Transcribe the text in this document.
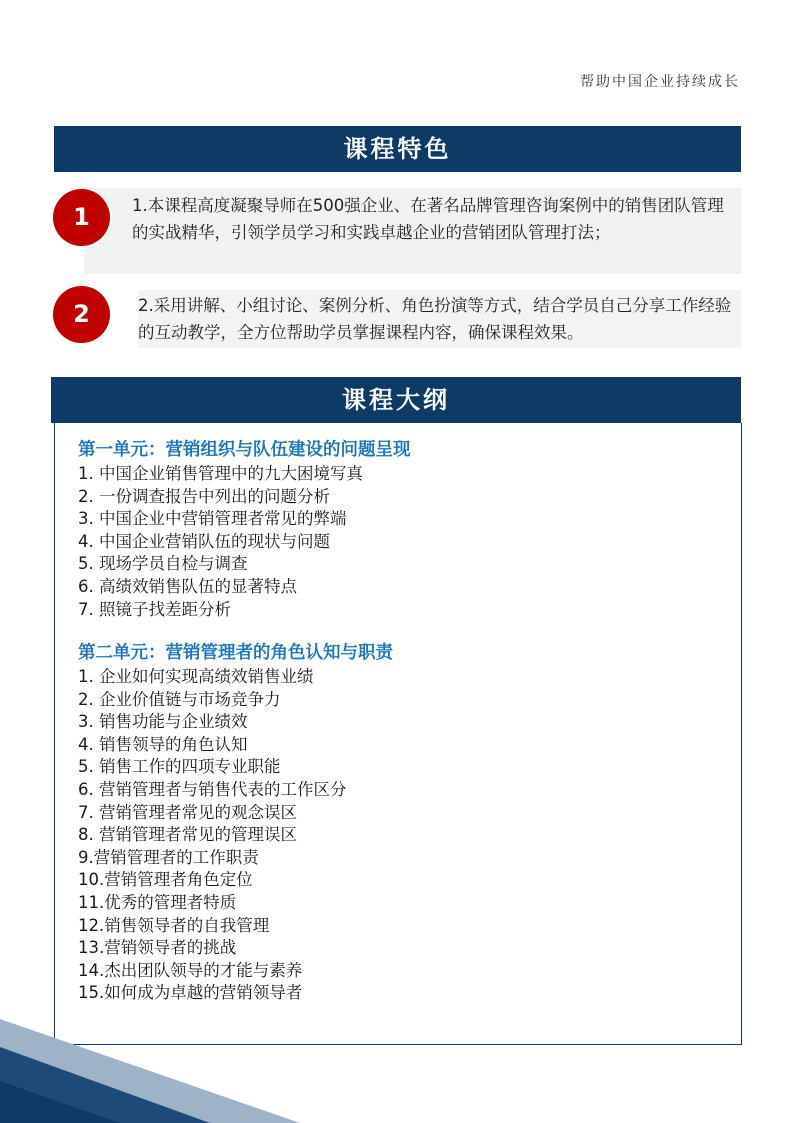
帮助中国企业持续成长
课程特色
1.本课程高度凝聚导师在500强企业、在著名品牌管理咨询案例中的销售团队管理的实战精华，引领学员学习和实践卓越企业的营销团队管理打法；
1
2.采用讲解、小组讨论、案例分析、角色扮演等方式，结合学员自己分享工作经验的互动教学，全方位帮助学员掌握课程内容，确保课程效果。
2
课程大纲
第一单元：营销组织与队伍建设的问题呈现
1. 中国企业销售管理中的九大困境写真
2. 一份调查报告中列出的问题分析
3. 中国企业中营销管理者常见的弊端
4. 中国企业营销队伍的现状与问题
5. 现场学员自检与调查
6. 高绩效销售队伍的显著特点
7. 照镜子找差距分析
第二单元：营销管理者的角色认知与职责
1. 企业如何实现高绩效销售业绩
2. 企业价值链与市场竞争力
3. 销售功能与企业绩效
4. 销售领导的角色认知
5. 销售工作的四项专业职能
6. 营销管理者与销售代表的工作区分
7. 营销管理者常见的观念误区
8. 营销管理者常见的管理误区
9.营销管理者的工作职责
10.营销管理者角色定位
11.优秀的管理者特质
12.销售领导者的自我管理
13.营销领导者的挑战
14.杰出团队领导的才能与素养
15.如何成为卓越的营销领导者
